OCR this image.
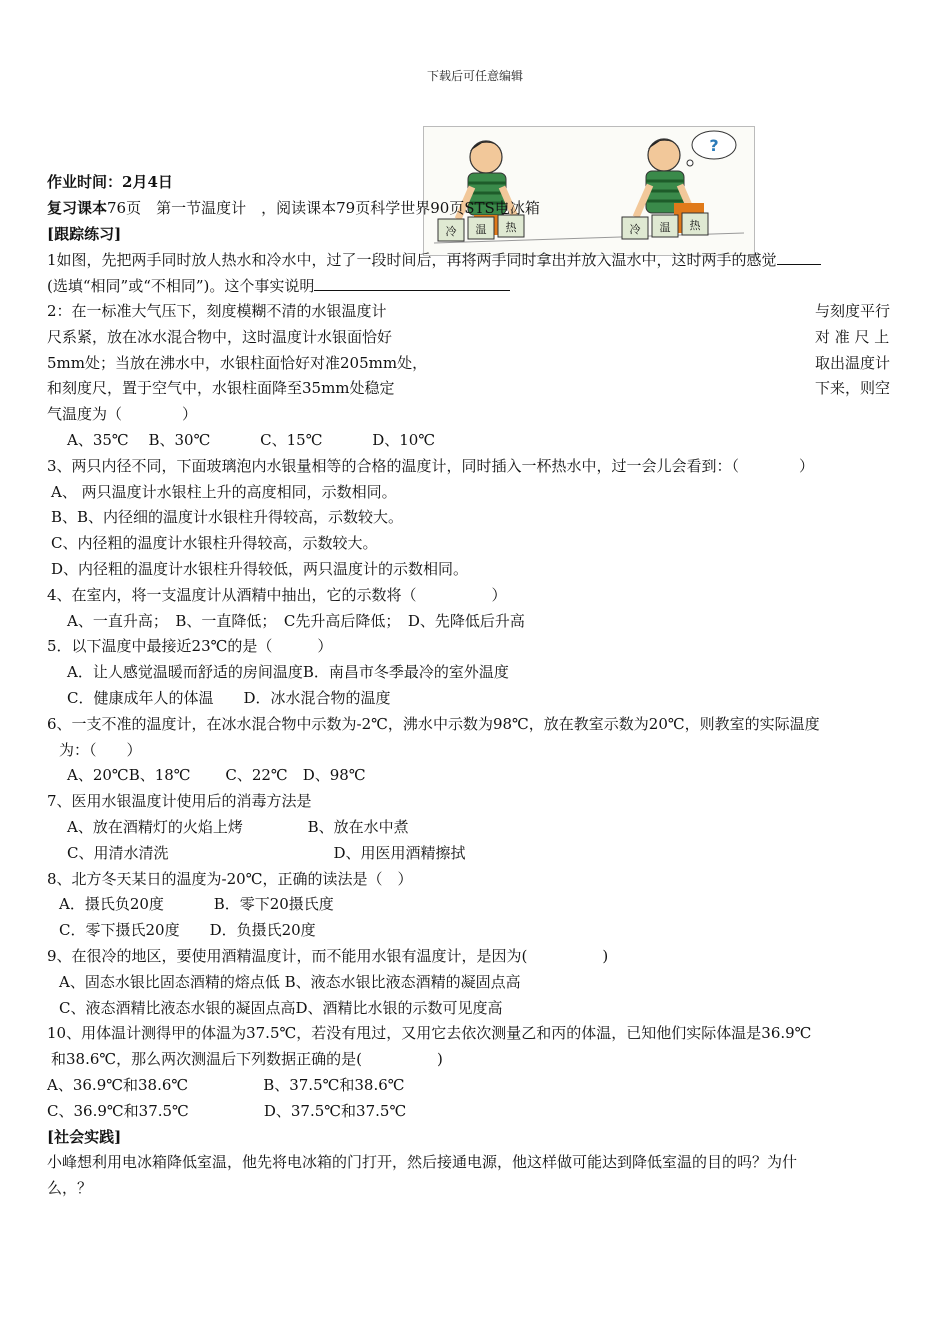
下载后可任意编辑
冷 温 热
?
冷 温 热
作业时间：2月4日
复习课本76页　第一节温度计　，阅读课本79页科学世界90页STS电冰箱
[跟踪练习]
1如图，先把两手同时放人热水和冷水中，过了一段时间后，再将两手同时拿出并放入温水中，这时两手的感觉
(选填“相同”或“不相同”)。这个事实说明
2：在一标准大气压下，刻度模糊不清的水银温度计
尺系紧，放在冰水混合物中，这时温度计水银面恰好
5mm处；当放在沸水中，水银柱面恰好对准205mm处，
和刻度尺，置于空气中，水银柱面降至35mm处稳定
气温度为（　　　　）
与刻度平行
对 准 尺 上
取出温度计
下来，则空
A、35℃　 B、30℃　　　 C、15℃　　　 D、10℃
3、两只内径不同，下面玻璃泡内水银量相等的合格的温度计，同时插入一杯热水中，过一会儿会看到：（　　　　）
A、 两只温度计水银柱上升的高度相同，示数相同。
B、B、内径细的温度计水银柱升得较高，示数较大。
C、内径粗的温度计水银柱升得较高，示数较大。
D、内径粗的温度计水银柱升得较低，两只温度计的示数相同。
4、在室内，将一支温度计从酒精中抽出，它的示数将（　　　　　）
A、一直升高；　B、一直降低；　C先升高后降低；　D、先降低后升高
5．以下温度中最接近23℃的是（　　　）
A．让人感觉温暖而舒适的房间温度B．南昌市冬季最冷的室外温度
C．健康成年人的体温　　D．冰水混合物的温度
6、一支不准的温度计，在冰水混合物中示数为-2℃，沸水中示数为98℃，放在教室示数为20℃，则教室的实际温度
为：（　　）
A、20℃B、18℃　　 C、22℃　D、98℃
7、医用水银温度计使用后的消毒方法是
A、放在酒精灯的火焰上烤　　　　 B、放在水中煮
C、用清水清洗　　　　　　　　　　　D、用医用酒精擦拭
8、北方冬天某日的温度为-20℃，正确的读法是（　）
A．摄氏负20度　　　 B．零下20摄氏度
C．零下摄氏20度　　D．负摄氏20度
9、在很冷的地区，要使用酒精温度计，而不能用水银有温度计，是因为(　　　　　)
A、固态水银比固态酒精的熔点低 B、液态水银比液态酒精的凝固点高
C、液态酒精比液态水银的凝固点高D、酒精比水银的示数可见度高
10、用体温计测得甲的体温为37.5℃，若没有甩过，又用它去依次测量乙和丙的体温，已知他们实际体温是36.9℃
和38.6℃，那么两次测温后下列数据正确的是(　　　　　)
A、36.9℃和38.6℃　　　　　B、37.5℃和38.6℃
C、36.9℃和37.5℃　　　　　D、37.5℃和37.5℃
[社会实践]
小峰想利用电冰箱降低室温，他先将电冰箱的门打开，然后接通电源，他这样做可能达到降低室温的目的吗？为什
么，？
